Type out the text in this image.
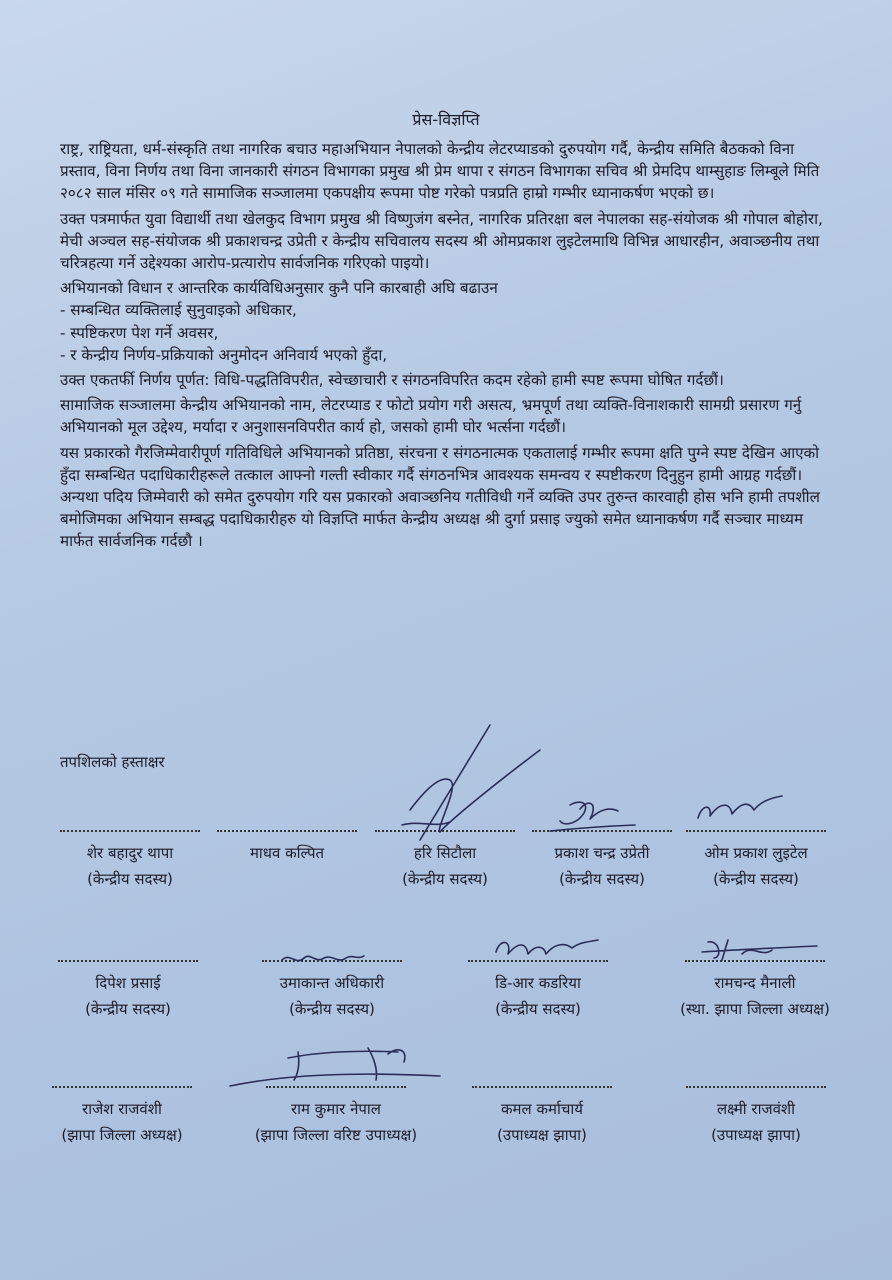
प्रेस-विज्ञप्ति

राष्ट्र, राष्ट्रियता, धर्म-संस्कृति तथा नागरिक बचाउ महाअभियान नेपालको केन्द्रीय लेटरप्याडको दुरुपयोग गर्दै, केन्द्रीय समिति बैठकको विना प्रस्ताव, विना निर्णय तथा विना जानकारी संगठन विभागका प्रमुख श्री प्रेम थापा र संगठन विभागका सचिव श्री प्रेमदिप थाम्सुहाङ लिम्बूले मिति २०८२ साल मंसिर ०९ गते सामाजिक सञ्जालमा एकपक्षीय रूपमा पोष्ट गरेको पत्रप्रति हाम्रो गम्भीर ध्यानाकर्षण भएको छ।

उक्त पत्रमार्फत युवा विद्यार्थी तथा खेलकुद विभाग प्रमुख श्री विष्णुजंग बस्नेत, नागरिक प्रतिरक्षा बल नेपालका सह-संयोजक श्री गोपाल बोहोरा, मेची अञ्चल सह-संयोजक श्री प्रकाशचन्द्र उप्रेती र केन्द्रीय सचिवालय सदस्य श्री ओमप्रकाश लुइटेलमाथि विभिन्न आधारहीन, अवाञ्छनीय तथा चरित्रहत्या गर्ने उद्देश्यका आरोप-प्रत्यारोप सार्वजनिक गरिएको पाइयो।

अभियानको विधान र आन्तरिक कार्यविधिअनुसार कुनै पनि कारबाही अघि बढाउन

- सम्बन्धित व्यक्तिलाई सुनुवाइको अधिकार,
- स्पष्टिकरण पेश गर्ने अवसर,
- र केन्द्रीय निर्णय-प्रक्रियाको अनुमोदन अनिवार्य भएको हुँदा,

उक्त एकतर्फी निर्णय पूर्णत: विधि-पद्धतिविपरीत, स्वेच्छाचारी र संगठनविपरित कदम रहेको हामी स्पष्ट रूपमा घोषित गर्दछौं।

सामाजिक सञ्जालमा केन्द्रीय अभियानको नाम, लेटरप्याड र फोटो प्रयोग गरी असत्य, भ्रमपूर्ण तथा व्यक्ति-विनाशकारी सामग्री प्रसारण गर्नु अभियानको मूल उद्देश्य, मर्यादा र अनुशासनविपरीत कार्य हो, जसको हामी घोर भर्त्सना गर्दछौं।

यस प्रकारको गैरजिम्मेवारीपूर्ण गतिविधिले अभियानको प्रतिष्ठा, संरचना र संगठनात्मक एकतालाई गम्भीर रूपमा क्षति पुग्ने स्पष्ट देखिन आएको हुँदा सम्बन्धित पदाधिकारीहरूले तत्काल आफ्नो गल्ती स्वीकार गर्दै संगठनभित्र आवश्यक समन्वय र स्पष्टीकरण दिनुहुन हामी आग्रह गर्दछौं। अन्यथा पदिय जिम्मेवारी को समेत दुरुपयोग गरि यस प्रकारको अवाञ्छनिय गतीविधी गर्ने व्यक्ति उपर तुरुन्त कारवाही होस भनि हामी तपशील बमोजिमका अभियान सम्बद्ध पदाधिकारीहरु यो विज्ञप्ति मार्फत केन्द्रीय अध्यक्ष श्री दुर्गा प्रसाइ ज्युको समेत ध्यानाकर्षण गर्दै सञ्चार माध्यम मार्फत सार्वजनिक गर्दछौ ।

तपशिलको हस्ताक्षर
शेर बहादुर थापा
(केन्द्रीय सदस्य)
माधव कल्पित	हरि सिटौला
(केन्द्रीय सदस्य)
प्रकाश चन्द्र उप्रेती
(केन्द्रीय सदस्य)
ओम प्रकाश लुइटेल
(केन्द्रीय सदस्य)
दिपेश प्रसाई
(केन्द्रीय सदस्य)
उमाकान्त अधिकारी
(केन्द्रीय सदस्य)
डि-आर कडरिया
(केन्द्रीय सदस्य)
रामचन्द मैनाली
(स्था. झापा जिल्ला अध्यक्ष)
राजेश राजवंशी
(झापा जिल्ला अध्यक्ष)
राम कुमार नेपाल
(झापा जिल्ला वरिष्ट उपाध्यक्ष)
कमल कर्माचार्य
(उपाध्यक्ष झापा)
लक्ष्मी राजवंशी
(उपाध्यक्ष झापा)
